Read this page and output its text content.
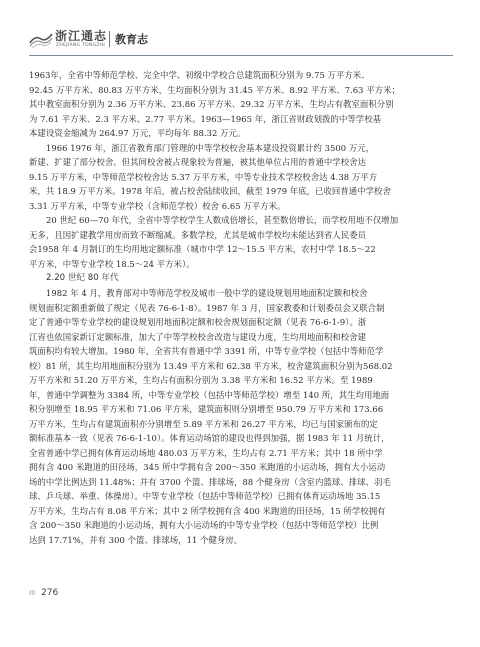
浙江通志
ZHEJIANG TONGZHI 教育志

1963年，全省中等师范学校、完全中学、初级中学校合总建筑面积分别为 9.75 万平方米、
92.45 万平方米、80.83 万平方米，生均面积分别为 31.45 平方米、8.92 平方米、7.63 平方米；
其中教室面积分别为 2.36 万平方米、23.86 万平方米、29.32 万平方米，生均占有教室面积分别
为 7.61 平方米、2.3 平方米、2.77 平方米。1963—1965 年，浙江省财政划拨的中等学校基
本建设资金缩减为 264.97 万元，平均每年 88.32 万元。

1966 1976 年，浙江省教育部门管理的中等学校校舍基本建设投资累计约 3500 万元，
新建、扩建了部分校舍。但其间校舍被占现象较为普遍，被其他单位占用的普通中学校舍达
9.15 万平方米，中等师范学校校舍达 5.37 万平方米，中等专业技术学校校舍达 4.38 万平方
米，共 18.9 万平方米。1978 年后，被占校舍陆续收回，截至 1979 年底，已收回普通中学校舍
3.31 万平方米，中等专业学校（含师范学校）校舍 6.65 万平方米。

20 世纪 60—70 年代，全省中等学校学生人数成倍增长，甚至数倍增长，而学校用地不仅增加
无多，且因扩建教学用房而致不断缩减。多数学校，尤其是城市学校均未能达到省人民委员
会1958 年 4 月制订的生均用地定额标准（城市中学 12～15.5 平方米，农村中学 18.5～22
平方米，中等专业学校 18.5～24 平方米）。

2.20 世纪 80 年代

1982 年 4 月，教育部对中等师范学校及城市一般中学的建设规划用地面积定额和校舍
规划面积定额重新做了规定（见表 76-6-1-8）。1987 年 3 月，国家教委和计划委员会又联合制
定了普通中等专业学校的建设规划用地面积定额和校舍规划面积定额（见表 76-6-1-9）。浙
江省也依国家新订定额标准，加大了中等学校校舍改造与建设力度，生均用地面积和校舍建
筑面积均有较大增加。1980 年，全省共有普通中学 3391 所，中等专业学校（包括中等师范学
校）81 所，其生均用地面积分别为 13.49 平方米和 62.38 平方米，校舍建筑面积分别为568.02
万平方米和 51.20 万平方米，生均占有面积分别为 3.38 平方米和 16.52 平方米。至 1989
年，普通中学调整为 3384 所，中等专业学校（包括中等师范学校）增至 140 所，其生均用地面
积分别增至 18.95 平方米和 71.06 平方米，建筑面积则分别增至 950.79 万平方米和 173.66
万平方米，生均占有建筑面积亦分别增至 5.89 平方米和 26.27 平方米，均已与国家颁布的定
额标准基本一致（见表 76-6-1-10）。体育运动场馆的建设也得到加强，据 1983 年 11 月统计，
全省普通中学已拥有体育运动场地 480.03 万平方米，生均占有 2.71 平方米；其中 18 所中学
拥有含 400 米跑道的田径场，345 所中学拥有含 200～350 米跑道的小运动场，拥有大小运动
场的中学比例达到 11.48%；并有 3700 个篮、排球场，88 个健身房（含室内篮球、排球、羽毛
球、乒乓球、举重、体操房）。中等专业学校（包括中等师范学校）已拥有体育运动场地 35.15
万平方米，生均占有 8.08 平方米；其中 2 所学校拥有含 400 米跑道的田径场，15 所学校拥有
含 200～350 米跑道的小运动场，拥有大小运动场的中等专业学校（包括中等师范学校）比例
达到 17.71%，并有 300 个篮、排球场，11 个健身房。

III 276
